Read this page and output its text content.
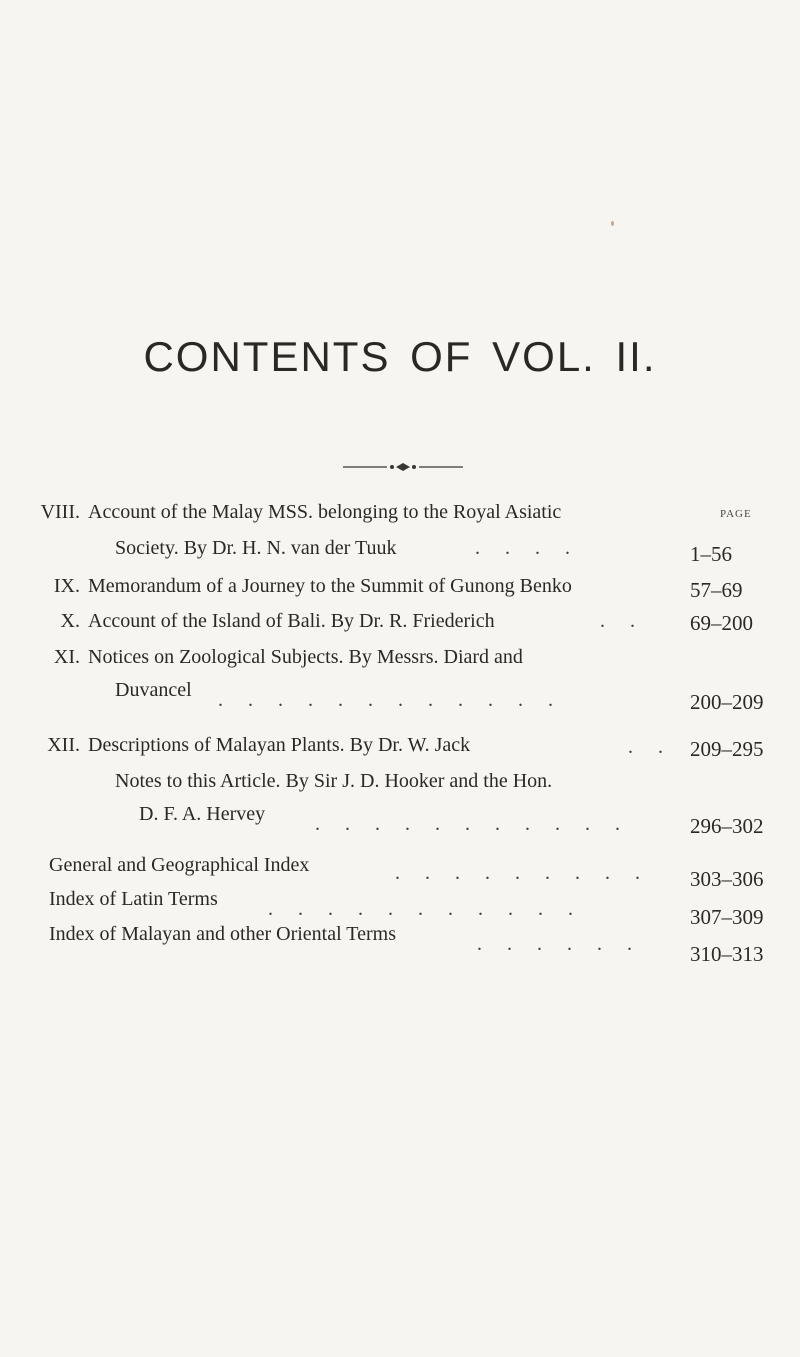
CONTENTS OF VOL. II.
PAGE
VIII. Account of the Malay MSS. belonging to the Royal Asiatic
Society. By Dr. H. N. van der Tuuk	. . . .	1–56
IX. Memorandum of a Journey to the Summit of Gunong Benko	57–69
X. Account of the Island of Bali. By Dr. R. Friederich	. . 69–200
XI. Notices on Zoological Subjects. By Messrs. Diard and
Duvancel . . . . . . . . . . . .	200–209
XII. Descriptions of Malayan Plants. By Dr. W. Jack	. . 209–295
Notes to this Article. By Sir J. D. Hooker and the Hon.
D. F. A. Hervey . . . . . . . . . . .	296–302
General and Geographical Index	. . . . . . . . . 303–306
Index of Latin Terms	. . . . . . . . . . .	307–309
Index of Malayan and other Oriental Terms	. . . . . . 310–313
